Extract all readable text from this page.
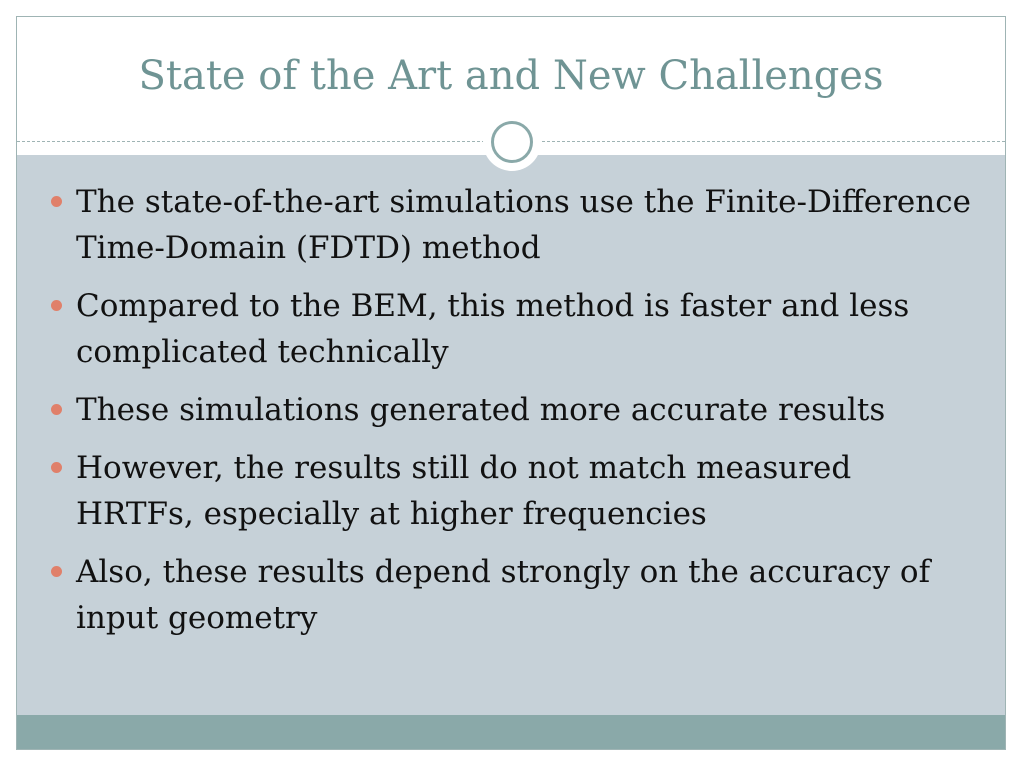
State of the Art and New Challenges
The state-of-the-art simulations use the Finite-Difference Time-Domain (FDTD) method
Compared to the BEM, this method is faster and less complicated technically
These simulations generated more accurate results
However, the results still do not match measured HRTFs, especially at higher frequencies
Also, these results depend strongly on the accuracy of input geometry
